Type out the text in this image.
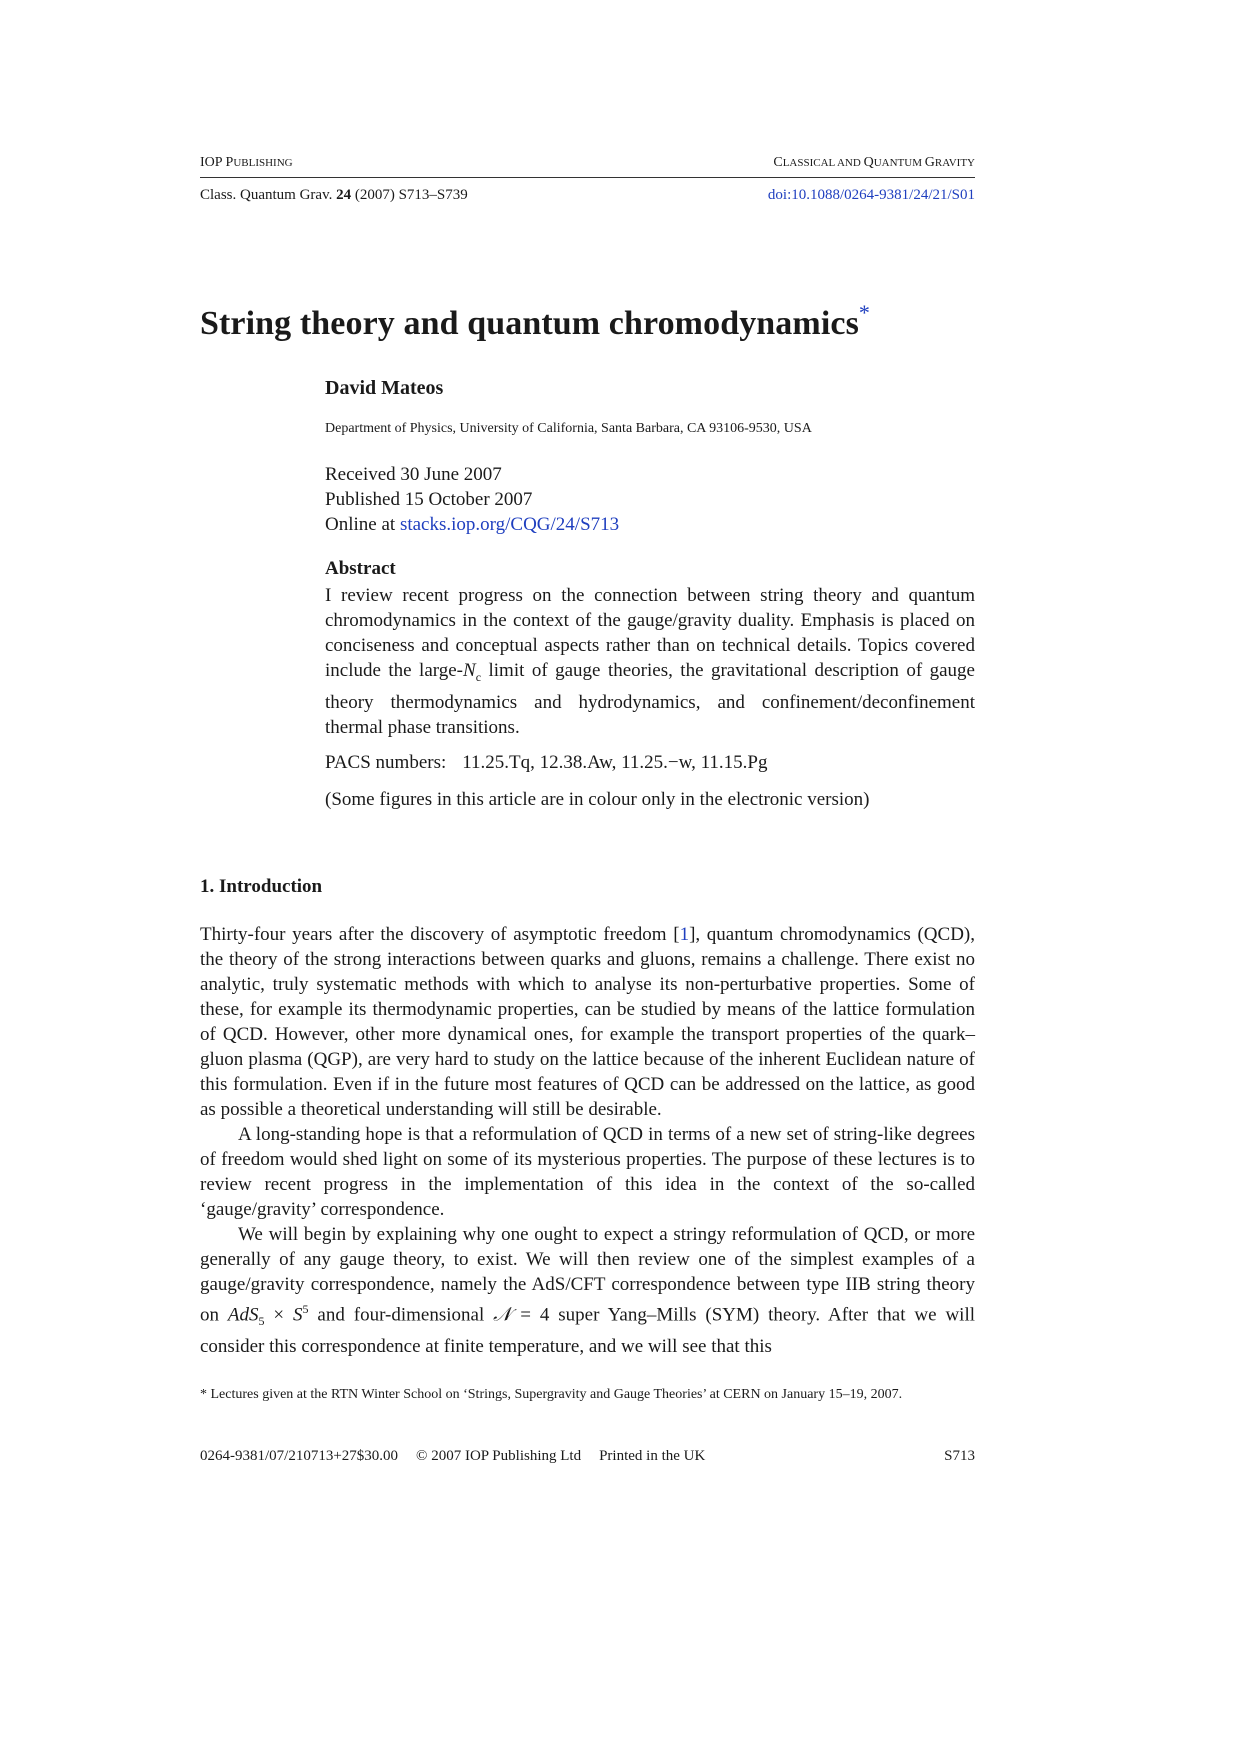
IOP PUBLISHING	CLASSICAL AND QUANTUM GRAVITY
Class. Quantum Grav. 24 (2007) S713–S739	doi:10.1088/0264-9381/24/21/S01
String theory and quantum chromodynamics*
David Mateos
Department of Physics, University of California, Santa Barbara, CA 93106-9530, USA
Received 30 June 2007
Published 15 October 2007
Online at stacks.iop.org/CQG/24/S713
Abstract
I review recent progress on the connection between string theory and quantum chromodynamics in the context of the gauge/gravity duality. Emphasis is placed on conciseness and conceptual aspects rather than on technical details. Topics covered include the large-$N_c$ limit of gauge theories, the gravitational description of gauge theory thermodynamics and hydrodynamics, and confinement/deconfinement thermal phase transitions.
PACS numbers: 11.25.Tq, 12.38.Aw, 11.25.−w, 11.15.Pg
(Some figures in this article are in colour only in the electronic version)
1. Introduction

Thirty-four years after the discovery of asymptotic freedom [1], quantum chromodynamics (QCD), the theory of the strong interactions between quarks and gluons, remains a challenge. There exist no analytic, truly systematic methods with which to analyse its non-perturbative properties. Some of these, for example its thermodynamic properties, can be studied by means of the lattice formulation of QCD. However, other more dynamical ones, for example the transport properties of the quark–gluon plasma (QGP), are very hard to study on the lattice because of the inherent Euclidean nature of this formulation. Even if in the future most features of QCD can be addressed on the lattice, as good as possible a theoretical understanding will still be desirable.

A long-standing hope is that a reformulation of QCD in terms of a new set of string-like degrees of freedom would shed light on some of its mysterious properties. The purpose of these lectures is to review recent progress in the implementation of this idea in the context of the so-called ‘gauge/gravity’ correspondence.

We will begin by explaining why one ought to expect a stringy reformulation of QCD, or more generally of any gauge theory, to exist. We will then review one of the simplest examples of a gauge/gravity correspondence, namely the AdS/CFT correspondence between type IIB string theory on $AdS_5 \times S^5$ and four-dimensional 𝒩 = 4 super Yang–Mills (SYM) theory. After that we will consider this correspondence at finite temperature, and we will see that this

* Lectures given at the RTN Winter School on ‘Strings, Supergravity and Gauge Theories’ at CERN on January 15–19, 2007.
0264-9381/07/210713+27$30.00 © 2007 IOP Publishing Ltd Printed in the UK	S713
